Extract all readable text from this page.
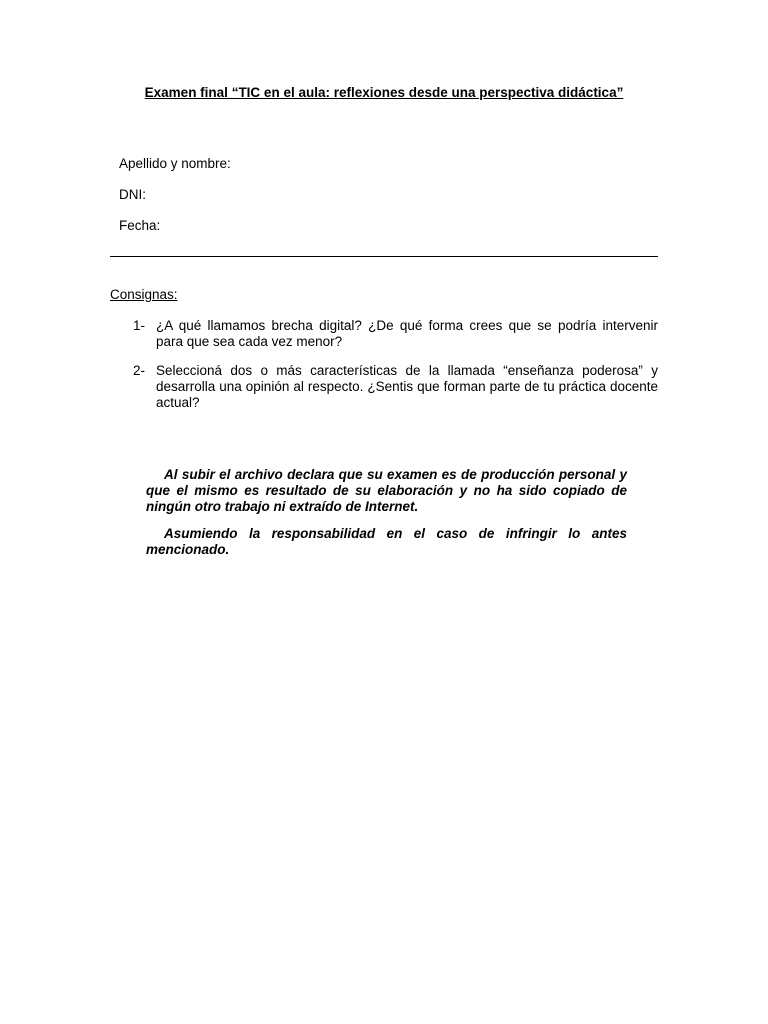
Examen final “TIC en el aula: reflexiones desde una perspectiva didáctica”

Apellido y nombre:

DNI:

Fecha:

Consignas:

1- ¿A qué llamamos brecha digital? ¿De qué forma crees que se podría intervenir para que sea cada vez menor?
2- Seleccioná dos o más características de la llamada “enseñanza poderosa” y desarrolla una opinión al respecto. ¿Sentis que forman parte de tu práctica docente actual?

Al subir el archivo declara que su examen es de producción personal y que el mismo es resultado de su elaboración y no ha sido copiado de ningún otro trabajo ni extraído de Internet.

Asumiendo la responsabilidad en el caso de infringir lo antes mencionado.
